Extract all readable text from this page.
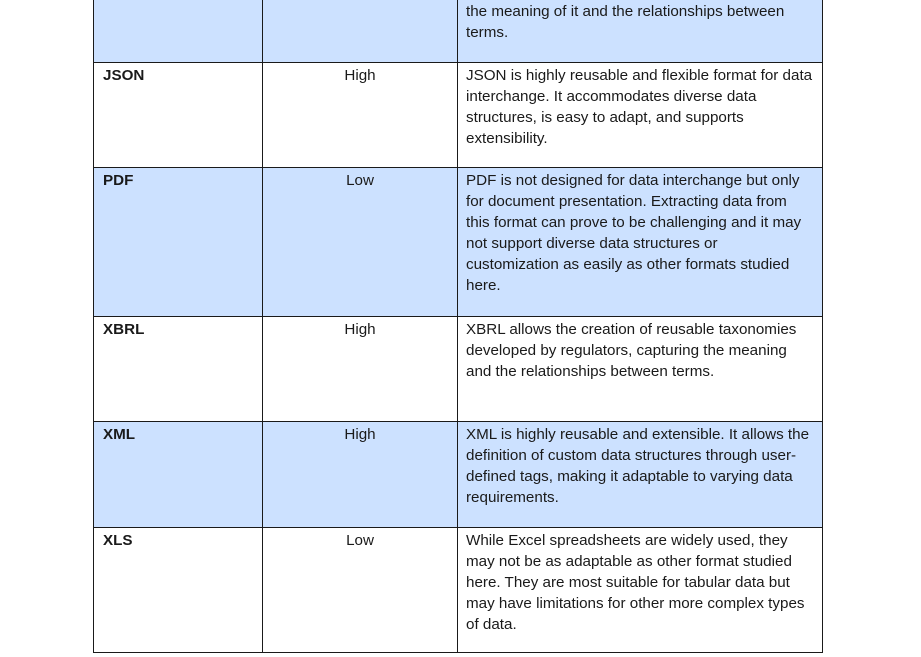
		the meaning of it and the relationships between terms.

JSON	High	JSON is highly reusable and flexible format for data interchange. It accommodates diverse data structures, is easy to adapt, and supports extensibility.

PDF	Low	PDF is not designed for data interchange but only for document presentation. Extracting data from this format can prove to be challenging and it may not support diverse data structures or customization as easily as other formats studied here.

XBRL	High	XBRL allows the creation of reusable taxonomies developed by regulators, capturing the meaning and the relationships between terms.

XML	High	XML is highly reusable and extensible. It allows the definition of custom data structures through user-defined tags, making it adaptable to varying data requirements.

XLS	Low	While Excel spreadsheets are widely used, they may not be as adaptable as other format studied here. They are most suitable for tabular data but may have limitations for other more complex types of data.
